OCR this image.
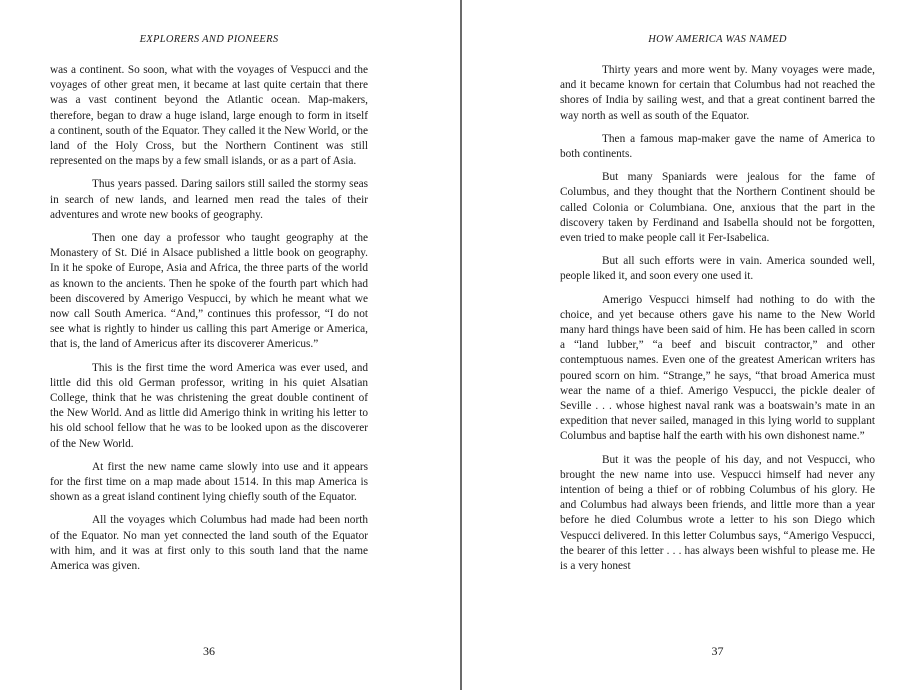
EXPLORERS AND PIONEERS

was a continent. So soon, what with the voyages of Vespucci and the voyages of other great men, it became at last quite certain that there was a vast continent beyond the Atlantic ocean. Map-makers, therefore, began to draw a huge island, large enough to form in itself a continent, south of the Equator. They called it the New World, or the land of the Holy Cross, but the Northern Continent was still represented on the maps by a few small islands, or as a part of Asia.

Thus years passed. Daring sailors still sailed the stormy seas in search of new lands, and learned men read the tales of their adventures and wrote new books of geography.

Then one day a professor who taught geography at the Monastery of St. Dié in Alsace published a little book on geography. In it he spoke of Europe, Asia and Africa, the three parts of the world as known to the ancients. Then he spoke of the fourth part which had been discovered by Amerigo Vespucci, by which he meant what we now call South America. “And,” continues this professor, “I do not see what is rightly to hinder us calling this part Amerige or America, that is, the land of Americus after its discoverer Americus.”

This is the first time the word America was ever used, and little did this old German professor, writing in his quiet Alsatian College, think that he was christening the great double continent of the New World. And as little did Amerigo think in writing his letter to his old school fellow that he was to be looked upon as the discoverer of the New World.

At first the new name came slowly into use and it appears for the first time on a map made about 1514. In this map America is shown as a great island continent lying chiefly south of the Equator.

All the voyages which Columbus had made had been north of the Equator. No man yet connected the land south of the Equator with him, and it was at first only to this south land that the name America was given.

36
HOW AMERICA WAS NAMED

Thirty years and more went by. Many voyages were made, and it became known for certain that Columbus had not reached the shores of India by sailing west, and that a great continent barred the way north as well as south of the Equator.

Then a famous map-maker gave the name of America to both continents.

But many Spaniards were jealous for the fame of Columbus, and they thought that the Northern Continent should be called Colonia or Columbiana. One, anxious that the part in the discovery taken by Ferdinand and Isabella should not be forgotten, even tried to make people call it Fer-Isabelica.

But all such efforts were in vain. America sounded well, people liked it, and soon every one used it.

Amerigo Vespucci himself had nothing to do with the choice, and yet because others gave his name to the New World many hard things have been said of him. He has been called in scorn a “land lubber,” “a beef and biscuit contractor,” and other contemptuous names. Even one of the greatest American writers has poured scorn on him. “Strange,” he says, “that broad America must wear the name of a thief. Amerigo Vespucci, the pickle dealer of Seville . . . whose highest naval rank was a boatswain’s mate in an expedition that never sailed, managed in this lying world to supplant Columbus and baptise half the earth with his own dishonest name.”

But it was the people of his day, and not Vespucci, who brought the new name into use. Vespucci himself had never any intention of being a thief or of robbing Columbus of his glory. He and Columbus had always been friends, and little more than a year before he died Columbus wrote a letter to his son Diego which Vespucci delivered. In this letter Columbus says, “Amerigo Vespucci, the bearer of this letter . . . has always been wishful to please me. He is a very honest

37
